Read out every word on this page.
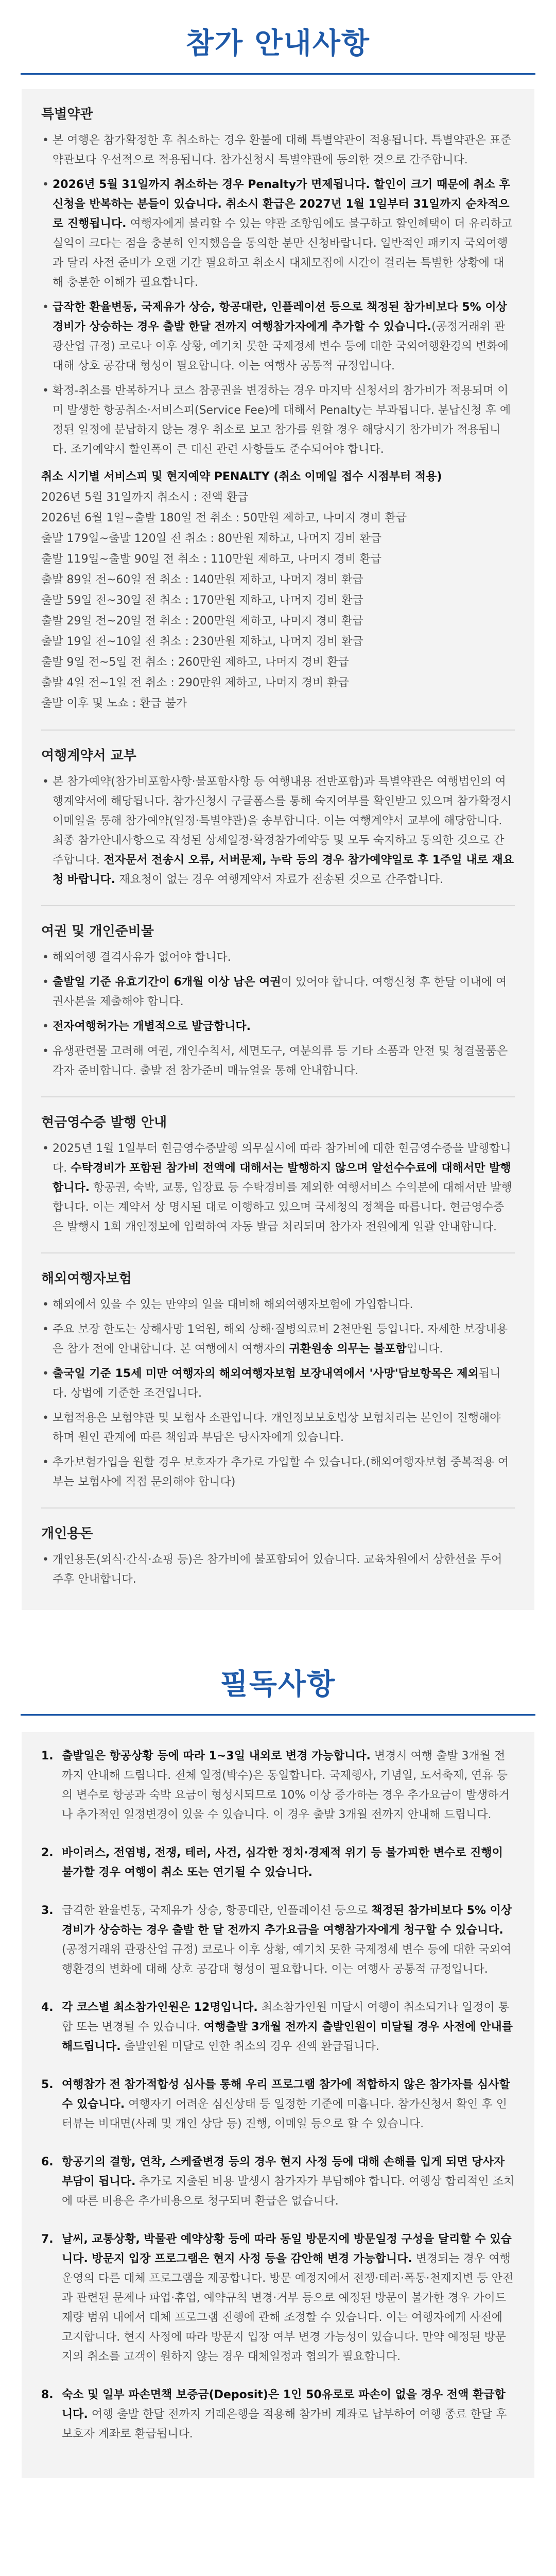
참가 안내사항
특별약관
• 본 여행은 참가확정한 후 취소하는 경우 환불에 대해 특별약관이 적용됩니다. 특별약관은 표준약관보다 우선적으로 적용됩니다. 참가신청시 특별약관에 동의한 것으로 간주합니다.
• 2026년 5월 31일까지 취소하는 경우 Penalty가 면제됩니다. 할인이 크기 때문에 취소 후 신청을 반복하는 분들이 있습니다. 취소시 환급은 2027년 1월 1일부터 31일까지 순차적으로 진행됩니다. 여행자에게 불리할 수 있는 약관 조항임에도 불구하고 할인혜택이 더 유리하고 실익이 크다는 점을 충분히 인지했음을 동의한 분만 신청바랍니다. 일반적인 패키지 국외여행과 달리 사전 준비가 오랜 기간 필요하고 취소시 대체모집에 시간이 걸리는 특별한 상황에 대해 충분한 이해가 필요합니다.
• 급작한 환율변동, 국제유가 상승, 항공대란, 인플레이션 등으로 책정된 참가비보다 5% 이상 경비가 상승하는 경우 출발 한달 전까지 여행참가자에게 추가할 수 있습니다.(공정거래위 관광산업 규정) 코로나 이후 상황, 예기치 못한 국제정세 변수 등에 대한 국외여행환경의 변화에 대해 상호 공감대 형성이 필요합니다. 이는 여행사 공통적 규정입니다.
• 확정-취소를 반복하거나 코스 참공권을 변경하는 경우 마지막 신청서의 참가비가 적용되며 이미 발생한 항공취소·서비스피(Service Fee)에 대해서 Penalty는 부과됩니다. 분납신청 후 예정된 일정에 분납하지 않는 경우 취소로 보고 참가를 원할 경우 해당시기 참가비가 적용됩니다. 조기예약시 할인폭이 큰 대신 관련 사항들도 준수되어야 합니다.
취소 시기별 서비스피 및 현지예약 PENALTY (취소 이메일 접수 시점부터 적용)
2026년 5월 31일까지 취소시 : 전액 환급
2026년 6월 1일~출발 180일 전 취소 : 50만원 제하고, 나머지 경비 환급
출발 179일~출발 120일 전 취소 : 80만원 제하고, 나머지 경비 환급
출발 119일~출발 90일 전 취소 : 110만원 제하고, 나머지 경비 환급
출발 89일 전~60일 전 취소 : 140만원 제하고, 나머지 경비 환급
출발 59일 전~30일 전 취소 : 170만원 제하고, 나머지 경비 환급
출발 29일 전~20일 전 취소 : 200만원 제하고, 나머지 경비 환급
출발 19일 전~10일 전 취소 : 230만원 제하고, 나머지 경비 환급
출발 9일 전~5일 전 취소 : 260만원 제하고, 나머지 경비 환급
출발 4일 전~1일 전 취소 : 290만원 제하고, 나머지 경비 환급
출발 이후 및 노쇼 : 환급 불가
여행계약서 교부
• 본 참가예약(참가비포함사항·불포함사항 등 여행내용 전반포함)과 특별약관은 여행법인의 여행계약서에 해당됩니다. 참가신청시 구글폼스를 통해 숙지여부를 확인받고 있으며 참가확정시 이메일을 통해 참가예약(일정·특별약관)을 송부합니다. 이는 여행계약서 교부에 해당합니다. 최종 참가안내사항으로 작성된 상세일정·확정참가예약등 및 모두 숙지하고 동의한 것으로 간주합니다. 전자문서 전송시 오류, 서버문제, 누락 등의 경우 참가예약일로 후 1주일 내로 재요청 바랍니다. 재요청이 없는 경우 여행계약서 자료가 전송된 것으로 간주합니다.
여권 및 개인준비물
• 해외여행 결격사유가 없어야 합니다.
• 출발일 기준 유효기간이 6개월 이상 남은 여권이 있어야 합니다. 여행신청 후 한달 이내에 여권사본을 제출해야 합니다.
• 전자여행허가는 개별적으로 발급합니다.
• 유생관련물 고려해 여권, 개인수칙서, 세면도구, 여분의류 등 기타 소품과 안전 및 청결물품은 각자 준비합니다. 출발 전 참가준비 매뉴얼을 통해 안내합니다.
현금영수증 발행 안내
• 2025년 1월 1일부터 현금영수증발행 의무실시에 따라 참가비에 대한 현금영수증을 발행합니다. 수탁경비가 포함된 참가비 전액에 대해서는 발행하지 않으며 알선수수료에 대해서만 발행합니다. 항공권, 숙박, 교통, 입장료 등 수탁경비를 제외한 여행서비스 수익분에 대해서만 발행합니다. 이는 계약서 상 명시된 대로 이행하고 있으며 국세청의 정책을 따릅니다. 현금영수증은 발행시 1회 개인정보에 입력하여 자동 발급 처리되며 참가자 전원에게 일괄 안내합니다.
해외여행자보험
• 해외에서 있을 수 있는 만약의 일을 대비해 해외여행자보험에 가입합니다.
• 주요 보장 한도는 상해사망 1억원, 해외 상해·질병의료비 2천만원 등입니다. 자세한 보장내용은 참가 전에 안내합니다. 본 여행에서 여행자의 귀환원송 의무는 불포함입니다.
• 출국일 기준 15세 미만 여행자의 해외여행자보험 보장내역에서 '사망'담보항목은 제외됩니다. 상법에 기준한 조건입니다.
• 보험적용은 보험약관 및 보험사 소관입니다. 개인정보보호법상 보험처리는 본인이 진행해야 하며 원인 관계에 따른 책임과 부담은 당사자에게 있습니다.
• 추가보험가입을 원할 경우 보호자가 추가로 가입할 수 있습니다.(해외여행자보험 중복적용 여부는 보험사에 직접 문의해야 합니다)
개인용돈
• 개인용돈(외식·간식·쇼핑 등)은 참가비에 불포함되어 있습니다. 교육차원에서 상한선을 두어 주후 안내합니다.
필독사항
1. 출발일은 항공상황 등에 따라 1~3일 내외로 변경 가능합니다. 변경시 여행 출발 3개월 전까지 안내해 드립니다. 전체 일정(박수)은 동일합니다. 국제행사, 기념일, 도서축제, 연휴 등의 변수로 항공과 숙박 요금이 형성시되므로 10% 이상 증가하는 경우 추가요금이 발생하거나 추가적인 일정변경이 있을 수 있습니다. 이 경우 출발 3개월 전까지 안내해 드립니다.
2. 바이러스, 전염병, 전쟁, 테러, 사건, 심각한 정치·경제적 위기 등 불가피한 변수로 진행이 불가할 경우 여행이 취소 또는 연기될 수 있습니다.
3. 급격한 환율변동, 국제유가 상승, 항공대란, 인플레이션 등으로 책정된 참가비보다 5% 이상 경비가 상승하는 경우 출발 한 달 전까지 추가요금을 여행참가자에게 청구할 수 있습니다. (공정거래위 관광산업 규정) 코로나 이후 상황, 예기치 못한 국제정세 변수 등에 대한 국외여행환경의 변화에 대해 상호 공감대 형성이 필요합니다. 이는 여행사 공통적 규정입니다.
4. 각 코스별 최소참가인원은 12명입니다. 최소참가인원 미달시 여행이 취소되거나 일정이 통합 또는 변경될 수 있습니다. 여행출발 3개월 전까지 출발인원이 미달될 경우 사전에 안내를 해드립니다. 출발인원 미달로 인한 취소의 경우 전액 환급됩니다.
5. 여행참가 전 참가적합성 심사를 통해 우리 프로그램 참가에 적합하지 않은 참가자를 심사할 수 있습니다. 여행자기 어려운 심신상태 등 일정한 기준에 미흡니다. 참가신청서 확인 후 인터뷰는 비대면(사례 및 개인 상담 등) 진행, 이메일 등으로 할 수 있습니다.
6. 항공기의 결항, 연착, 스케쥴변경 등의 경우 현지 사정 등에 대해 손해를 입게 되면 당사자 부담이 됩니다. 추가로 지출된 비용 발생시 참가자가 부담해야 합니다. 여행상 합리적인 조치에 따른 비용은 추가비용으로 청구되며 환급은 없습니다.
7. 날씨, 교통상황, 박물관 예약상황 등에 따라 동일 방문지에 방문일정 구성을 달리할 수 있습니다. 방문지 입장 프로그램은 현지 사정 등을 감안해 변경 가능합니다. 변경되는 경우 여행 운영의 다른 대체 프로그램을 제공합니다. 방문 예정지에서 전쟁·테러·폭동·천재지변 등 안전과 관련된 문제나 파업·휴업, 예약규칙 변경·거부 등으로 예정된 방문이 불가한 경우 가이드 재량 범위 내에서 대체 프로그램 진행에 관해 조정할 수 있습니다. 이는 여행자에게 사전에 고지합니다. 현지 사정에 따라 방문지 입장 여부 변경 가능성이 있습니다. 만약 예정된 방문지의 취소를 고객이 원하지 않는 경우 대체일정과 협의가 필요합니다.
8. 숙소 및 일부 파손면책 보증금(Deposit)은 1인 50유로로 파손이 없을 경우 전액 환급합니다. 여행 출발 한달 전까지 거래은행을 적용해 참가비 계좌로 납부하여 여행 종료 한달 후 보호자 계좌로 환급됩니다.
